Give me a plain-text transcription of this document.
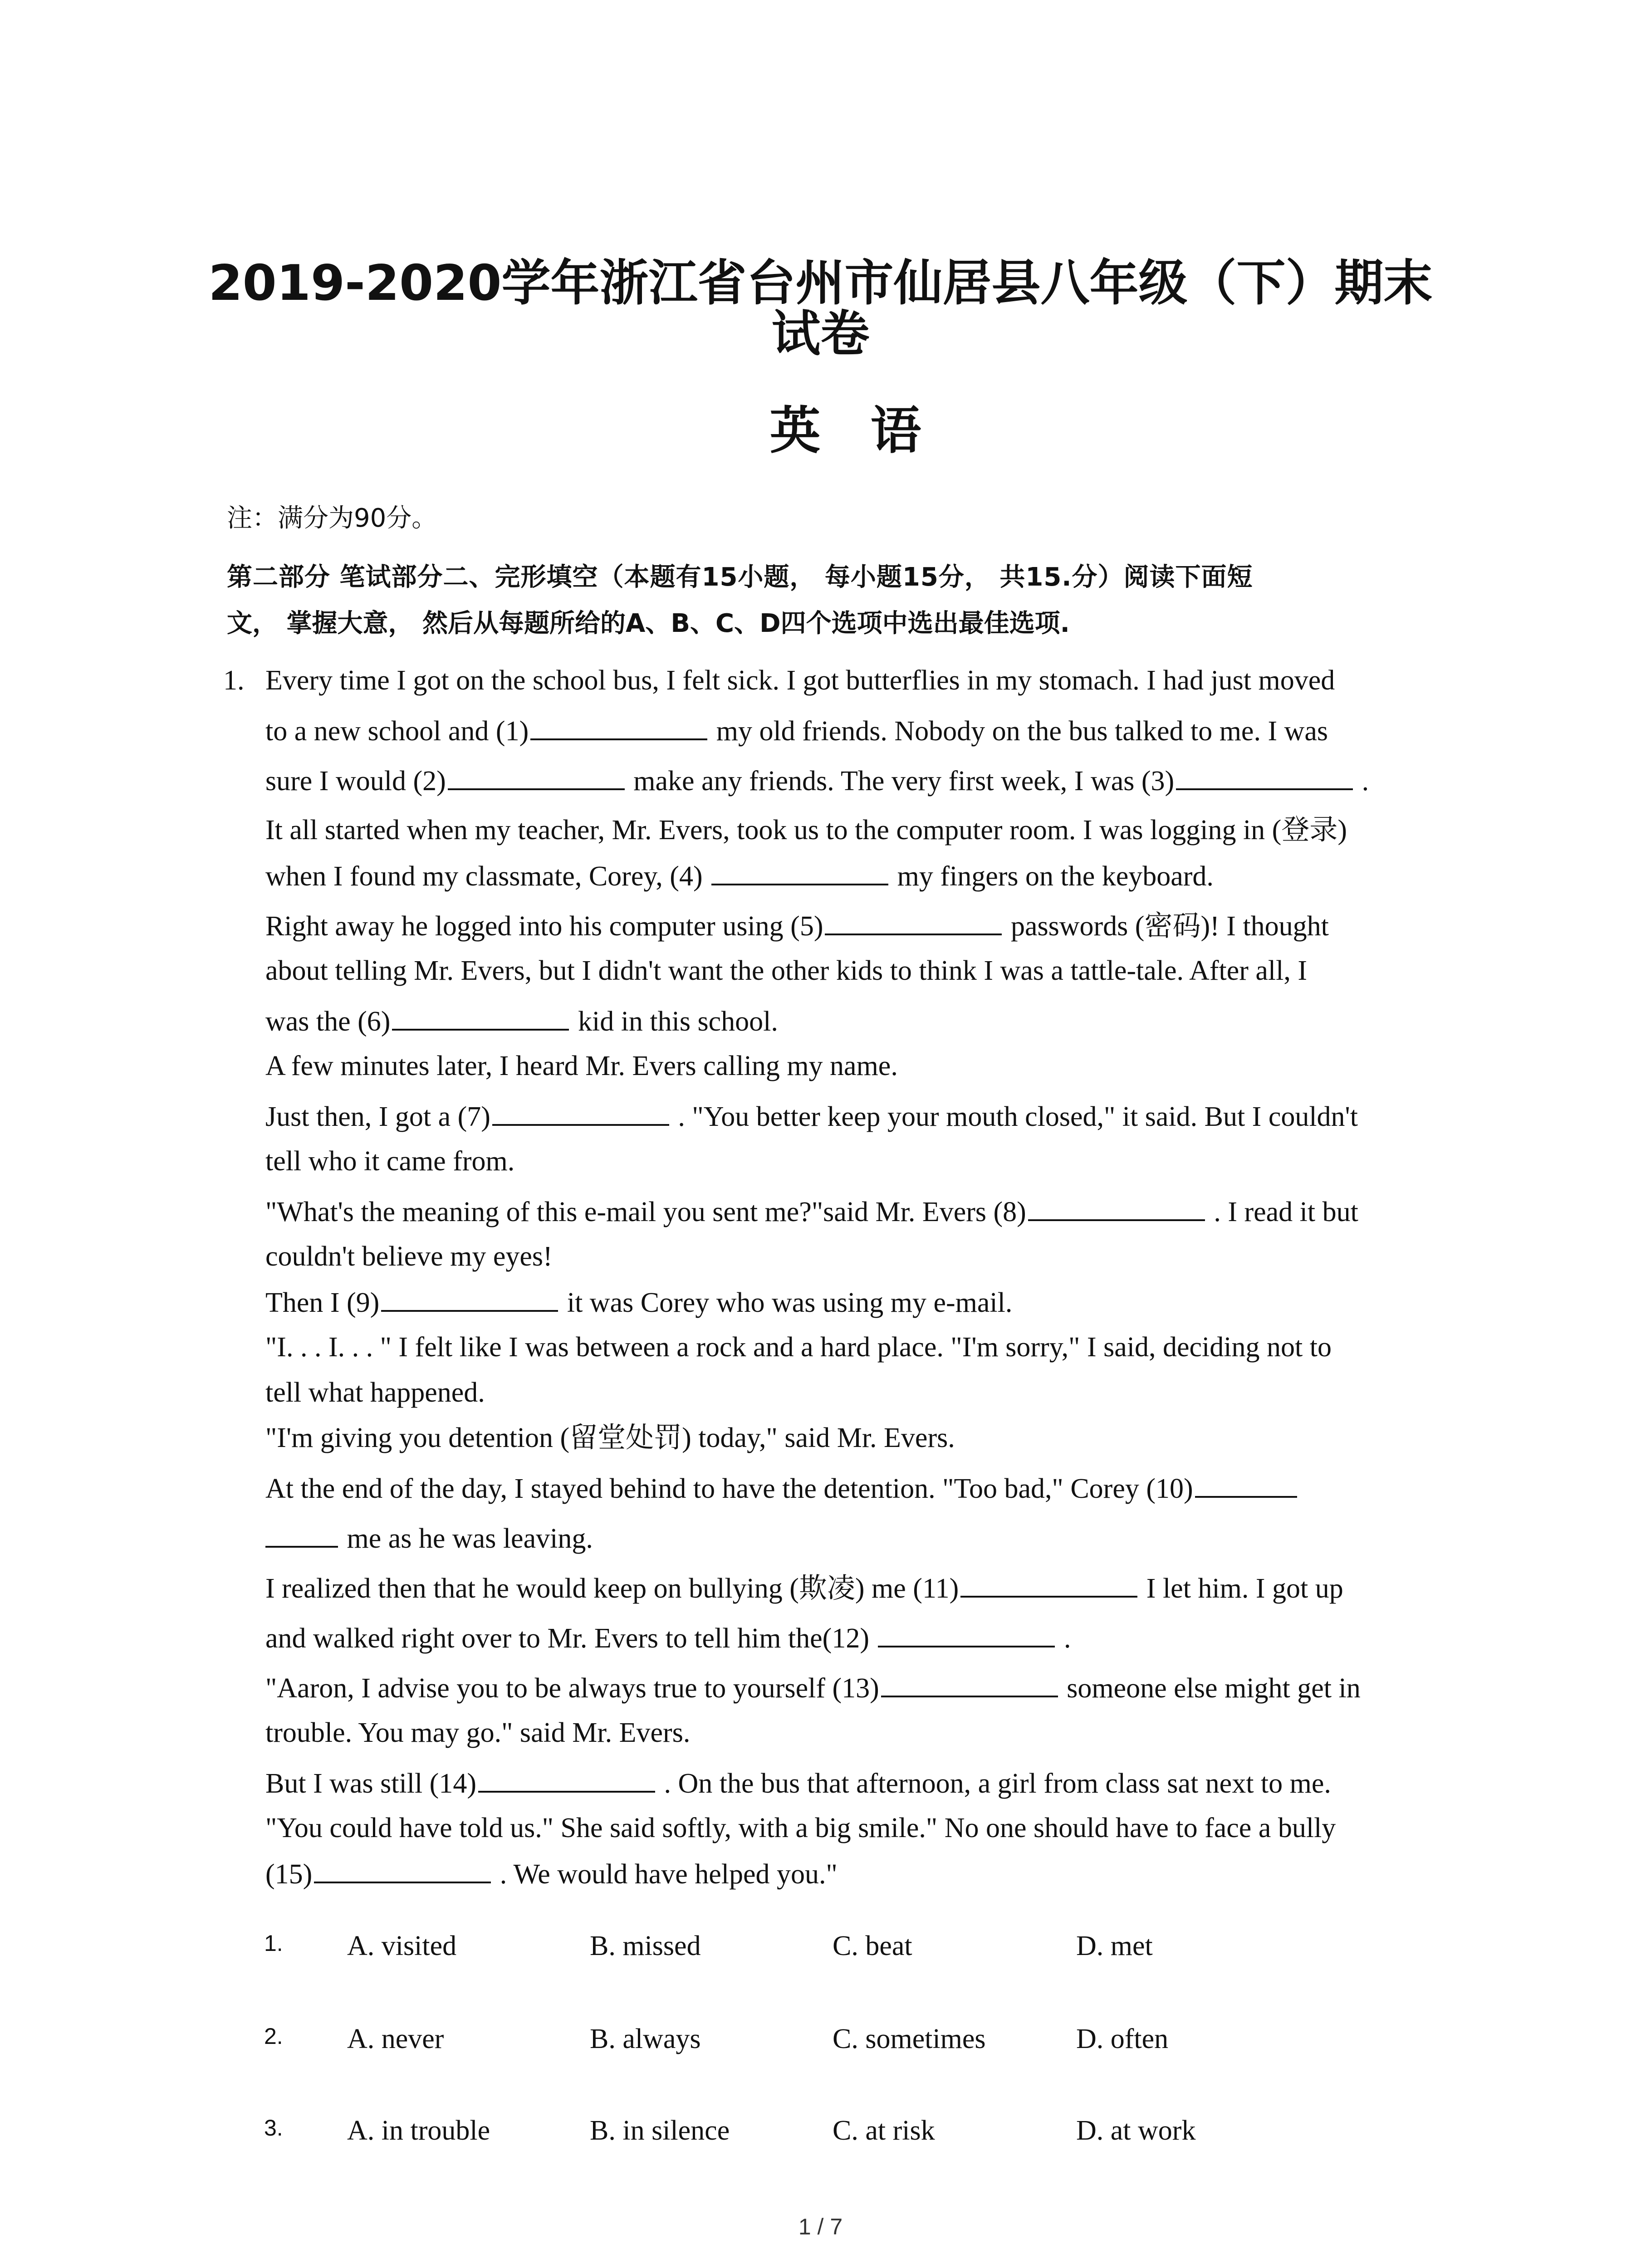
2019-2020学年浙江省台州市仙居县八年级（下）期末
试卷
英语
注：满分为90分。
第二部分 笔试部分二、完形填空（本题有15小题， 每小题15分， 共15.分）阅读下面短
文， 掌握大意， 然后从每题所给的A、B、C、D四个选项中选出最佳选项.
1. Every time I got on the school bus, I felt sick. I got butterflies in my stomach. I had just moved
to a new school and (1)	my old friends. Nobody on the bus talked to me. I was
sure I would (2)	make any friends. The very first week, I was (3)	.
It all started when my teacher, Mr. Evers, took us to the computer room. I was logging in (登录)
when I found my classmate, Corey, (4)	my fingers on the keyboard.
Right away he logged into his computer using (5)	passwords (密码)! I thought
about telling Mr. Evers, but I didn't want the other kids to think I was a tattle-tale. After all, I
was the (6)	kid in this school.
A few minutes later, I heard Mr. Evers calling my name.
Just then, I got a (7)	. "You better keep your mouth closed," it said. But I couldn't
tell who it came from.
"What's the meaning of this e-mail you sent me?"said Mr. Evers (8)	. I read it but
couldn't believe my eyes!
Then I (9)	it was Corey who was using my e-mail.
"I. . . I. . . " I felt like I was between a rock and a hard place. "I'm sorry," I said, deciding not to
tell what happened.
"I'm giving you detention (留堂处罚) today," said Mr. Evers.
At the end of the day, I stayed behind to have the detention. "Too bad," Corey (10)
me as he was leaving.
I realized then that he would keep on bullying (欺凌) me (11)	I let him. I got up
and walked right over to Mr. Evers to tell him the(12)	.
"Aaron, I advise you to be always true to yourself (13)	someone else might get in
trouble. You may go." said Mr. Evers.
But I was still (14)	. On the bus that afternoon, a girl from class sat next to me.
"You could have told us." She said softly, with a big smile." No one should have to face a bully
(15)	. We would have helped you."
1. A. visited	B. missed	C. beat	D. met
2. A. never	B. always	C. sometimes	D. often
3. A. in trouble	B. in silence	C. at risk	D. at work
1 / 7
